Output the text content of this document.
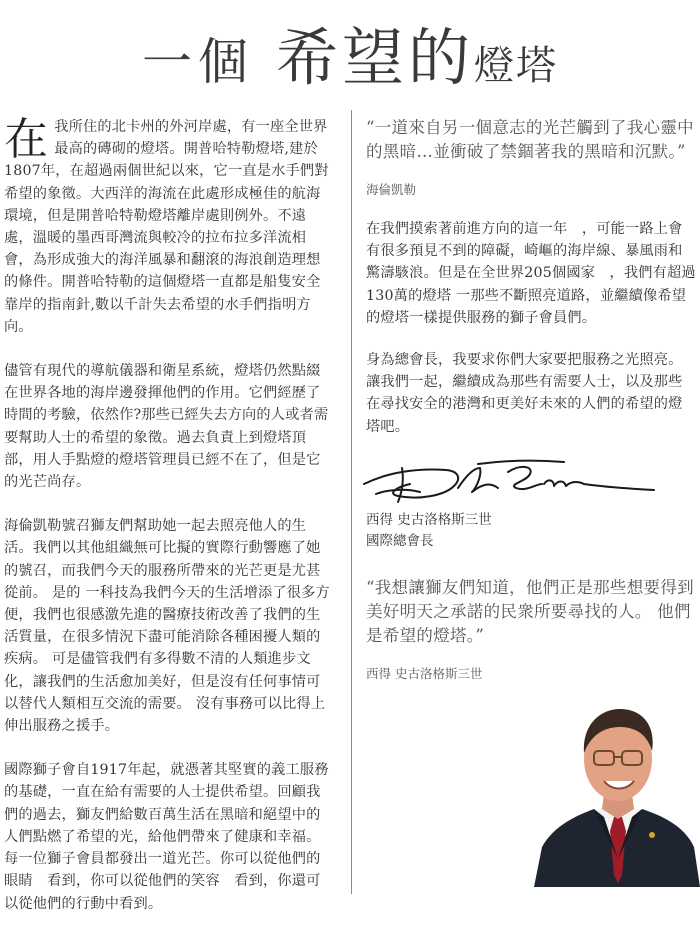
一個 希望的燈塔

在我所住的北卡州的外河岸處，有一座全世界最高的磚砌的燈塔。開普哈特勒燈塔,建於1807年，在超過兩個世紀以來，它一直是水手們對希望的象徵。大西洋的海流在此處形成極佳的航海環境，但是開普哈特勒燈塔離岸處則例外。不遠處，溫暖的墨西哥灣流與較冷的拉布拉多洋流相會，為形成強大的海洋風暴和翻滾的海浪創造理想的條件。開普哈特勒的這個燈塔一直都是船隻安全靠岸的指南針,數以千計失去希望的水手們指明方向。

儘管有現代的導航儀器和衛星系統，燈塔仍然點綴在世界各地的海岸邊發揮他們的作用。它們經歷了時間的考驗，依然作?那些已經失去方向的人或者需要幫助人士的希望的象徵。過去負責上到燈塔頂部，用人手點燈的燈塔管理員已經不在了，但是它的光芒尚存。

海倫凱勒號召獅友們幫助她一起去照亮他人的生活。我們以其他組織無可比擬的實際行動響應了她的號召，而我們今天的服務所帶來的光芒更是尤甚從前。 是的 一科技為我們今天的生活增添了很多方便，我們也很感激先進的醫療技術改善了我們的生活質量，在很多情況下盡可能消除各種困擾人類的疾病。 可是儘管我們有多得數不清的人類進步文化，讓我們的生活愈加美好，但是沒有任何事情可以替代人類相互交流的需要。 沒有事務可以比得上伸出服務之援手。

國際獅子會自1917年起，就憑著其堅實的義工服務的基礎，一直在給有需要的人士提供希望。回顧我們的過去，獅友們給數百萬生活在黑暗和絕望中的人們點燃了希望的光，給他們帶來了健康和幸福。每一位獅子會員都發出一道光芒。你可以從他們的眼睛　看到，你可以從他們的笑容　看到，你還可以從他們的行動中看到。

“一道來自另一個意志的光芒觸到了我心靈中的黑暗…並衝破了禁錮著我的黑暗和沉默。”

海倫凱勒

在我們摸索著前進方向的這一年　，可能一路上會有很多預見不到的障礙，崎嶇的海岸線、暴風雨和驚濤駭浪。但是在全世界205個國家　，我們有超過130萬的燈塔 一那些不斷照亮道路，並繼續像希望的燈塔一樣提供服務的獅子會員們。

身為總會長，我要求你們大家要把服務之光照亮。讓我們一起，繼續成為那些有需要人士，以及那些在尋找安全的港灣和更美好未來的人們的希望的燈塔吧。

西得 史古洛格斯三世
國際總會長

“我想讓獅友們知道，他們正是那些想要得到美好明天之承諾的民衆所要尋找的人。 他們是希望的燈塔。”

西得 史古洛格斯三世
